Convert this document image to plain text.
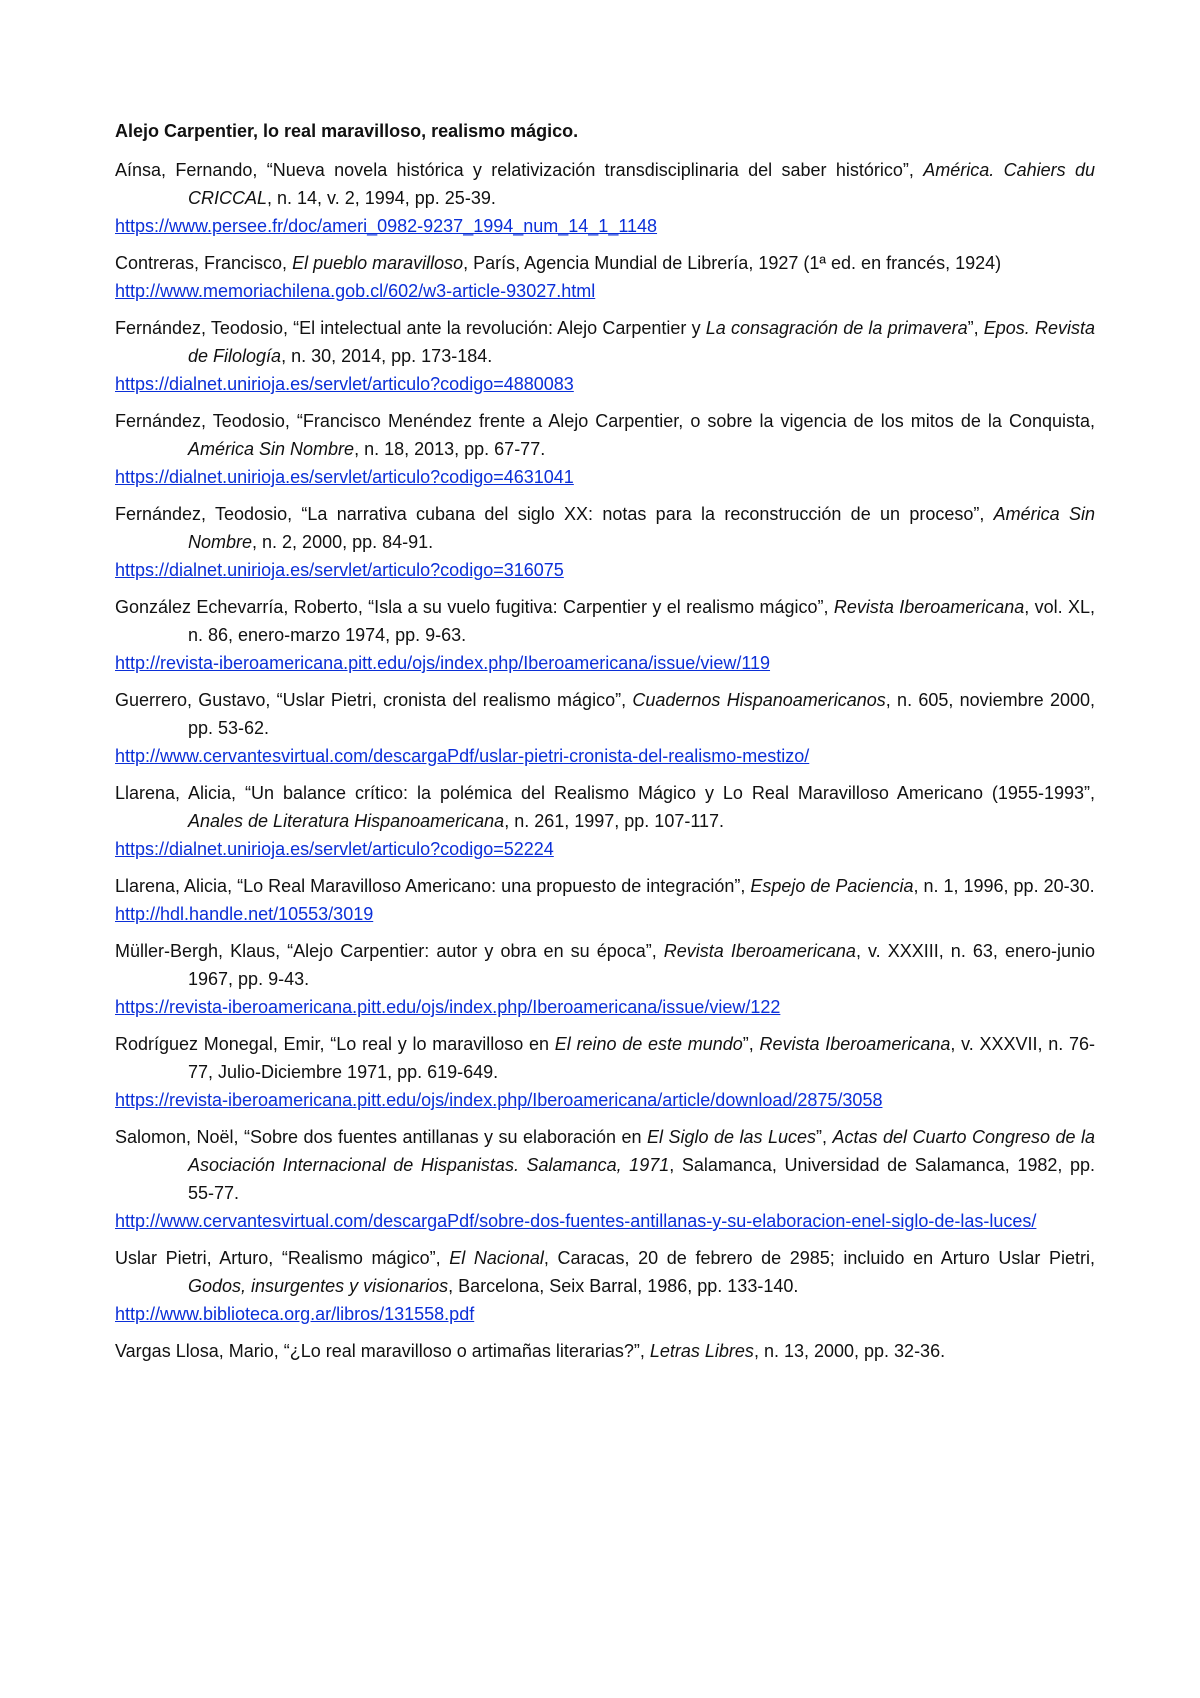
Alejo Carpentier, lo real maravilloso, realismo mágico.

Aínsa, Fernando, “Nueva novela histórica y relativización transdisciplinaria del saber histórico”, América. Cahiers du CRICCAL, n. 14, v. 2, 1994, pp. 25-39.

https://www.persee.fr/doc/ameri_0982-9237_1994_num_14_1_1148

Contreras, Francisco, El pueblo maravilloso, París, Agencia Mundial de Librería, 1927 (1ª ed. en francés, 1924)

http://www.memoriachilena.gob.cl/602/w3-article-93027.html

Fernández, Teodosio, “El intelectual ante la revolución: Alejo Carpentier y La consagración de la primavera”, Epos. Revista de Filología, n. 30, 2014, pp. 173-184.

https://dialnet.unirioja.es/servlet/articulo?codigo=4880083

Fernández, Teodosio, “Francisco Menéndez frente a Alejo Carpentier, o sobre la vigencia de los mitos de la Conquista, América Sin Nombre, n. 18, 2013, pp. 67-77.

https://dialnet.unirioja.es/servlet/articulo?codigo=4631041

Fernández, Teodosio, “La narrativa cubana del siglo XX: notas para la reconstrucción de un proceso”, América Sin Nombre, n. 2, 2000, pp. 84-91.

https://dialnet.unirioja.es/servlet/articulo?codigo=316075

González Echevarría, Roberto, “Isla a su vuelo fugitiva: Carpentier y el realismo mágico”, Revista Iberoamericana, vol. XL, n. 86, enero-marzo 1974, pp. 9-63.

http://revista-iberoamericana.pitt.edu/ojs/index.php/Iberoamericana/issue/view/119

Guerrero, Gustavo, “Uslar Pietri, cronista del realismo mágico”, Cuadernos Hispanoamericanos, n. 605, noviembre 2000, pp. 53-62.

http://www.cervantesvirtual.com/descargaPdf/uslar-pietri-cronista-del-realismo-mestizo/

Llarena, Alicia, “Un balance crítico: la polémica del Realismo Mágico y Lo Real Maravilloso Americano (1955-1993”, Anales de Literatura Hispanoamericana, n. 261, 1997, pp. 107-117.

https://dialnet.unirioja.es/servlet/articulo?codigo=52224

Llarena, Alicia, “Lo Real Maravilloso Americano: una propuesto de integración”, Espejo de Paciencia, n. 1, 1996, pp. 20-30.

http://hdl.handle.net/10553/3019

Müller-Bergh, Klaus, “Alejo Carpentier: autor y obra en su época”, Revista Iberoamericana, v. XXXIII, n. 63, enero-junio 1967, pp. 9-43.

https://revista-iberoamericana.pitt.edu/ojs/index.php/Iberoamericana/issue/view/122

Rodríguez Monegal, Emir, “Lo real y lo maravilloso en El reino de este mundo”, Revista Iberoamericana, v. XXXVII, n. 76-77, Julio-Diciembre 1971, pp. 619-649.

https://revista-iberoamericana.pitt.edu/ojs/index.php/Iberoamericana/article/download/2875/3058

Salomon, Noël, “Sobre dos fuentes antillanas y su elaboración en El Siglo de las Luces”, Actas del Cuarto Congreso de la Asociación Internacional de Hispanistas. Salamanca, 1971, Salamanca, Universidad de Salamanca, 1982, pp. 55-77.

http://www.cervantesvirtual.com/descargaPdf/sobre-dos-fuentes-antillanas-y-su-elaboracion-enel-siglo-de-las-luces/

Uslar Pietri, Arturo, “Realismo mágico”, El Nacional, Caracas, 20 de febrero de 2985; incluido en Arturo Uslar Pietri, Godos, insurgentes y visionarios, Barcelona, Seix Barral, 1986, pp. 133-140.

http://www.biblioteca.org.ar/libros/131558.pdf

Vargas Llosa, Mario, “¿Lo real maravilloso o artimañas literarias?”, Letras Libres, n. 13, 2000, pp. 32-36.
